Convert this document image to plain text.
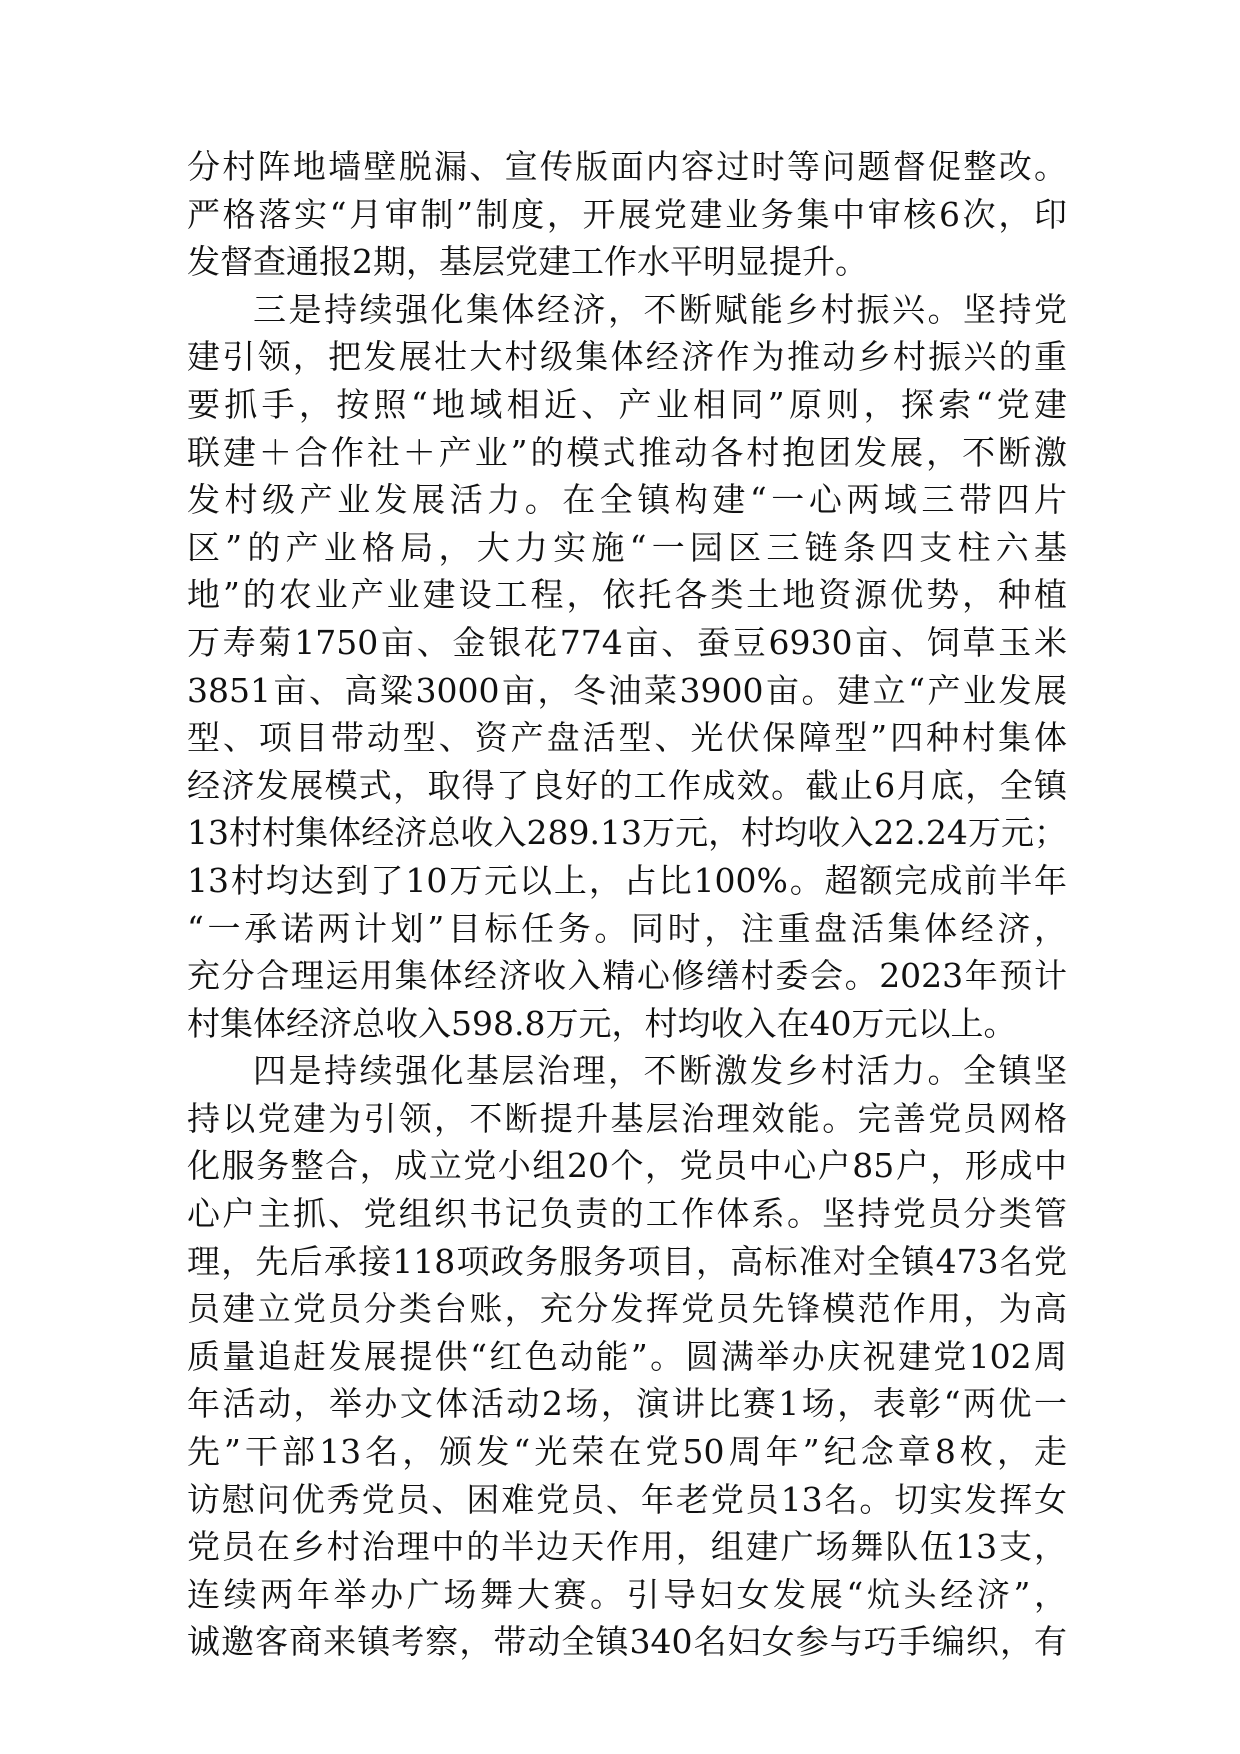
分村阵地墙壁脱漏、宣传版面内容过时等问题督促整改。
严格落实“月审制”制度，开展党建业务集中审核6次，印
发督查通报2期，基层党建工作水平明显提升。
三是持续强化集体经济，不断赋能乡村振兴。坚持党
建引领，把发展壮大村级集体经济作为推动乡村振兴的重
要抓手，按照“地域相近、产业相同”原则，探索“党建
联建＋合作社＋产业”的模式推动各村抱团发展，不断激
发村级产业发展活力。在全镇构建“一心两域三带四片
区”的产业格局，大力实施“一园区三链条四支柱六基
地”的农业产业建设工程，依托各类土地资源优势，种植
万寿菊1750亩、金银花774亩、蚕豆6930亩、饲草玉米
3851亩、高粱3000亩，冬油菜3900亩。建立“产业发展
型、项目带动型、资产盘活型、光伏保障型”四种村集体
经济发展模式，取得了良好的工作成效。截止6月底，全镇
13村村集体经济总收入289.13万元，村均收入22.24万元；
13村均达到了10万元以上，占比100%。超额完成前半年
“一承诺两计划”目标任务。同时，注重盘活集体经济，
充分合理运用集体经济收入精心修缮村委会。2023年预计
村集体经济总收入598.8万元，村均收入在40万元以上。
四是持续强化基层治理，不断激发乡村活力。全镇坚
持以党建为引领，不断提升基层治理效能。完善党员网格
化服务整合，成立党小组20个，党员中心户85户，形成中
心户主抓、党组织书记负责的工作体系。坚持党员分类管
理，先后承接118项政务服务项目，高标准对全镇473名党
员建立党员分类台账，充分发挥党员先锋模范作用，为高
质量追赶发展提供“红色动能”。圆满举办庆祝建党102周
年活动，举办文体活动2场，演讲比赛1场，表彰“两优一
先”干部13名，颁发“光荣在党50周年”纪念章8枚，走
访慰问优秀党员、困难党员、年老党员13名。切实发挥女
党员在乡村治理中的半边天作用，组建广场舞队伍13支，
连续两年举办广场舞大赛。引导妇女发展“炕头经济”，
诚邀客商来镇考察，带动全镇340名妇女参与巧手编织，有
